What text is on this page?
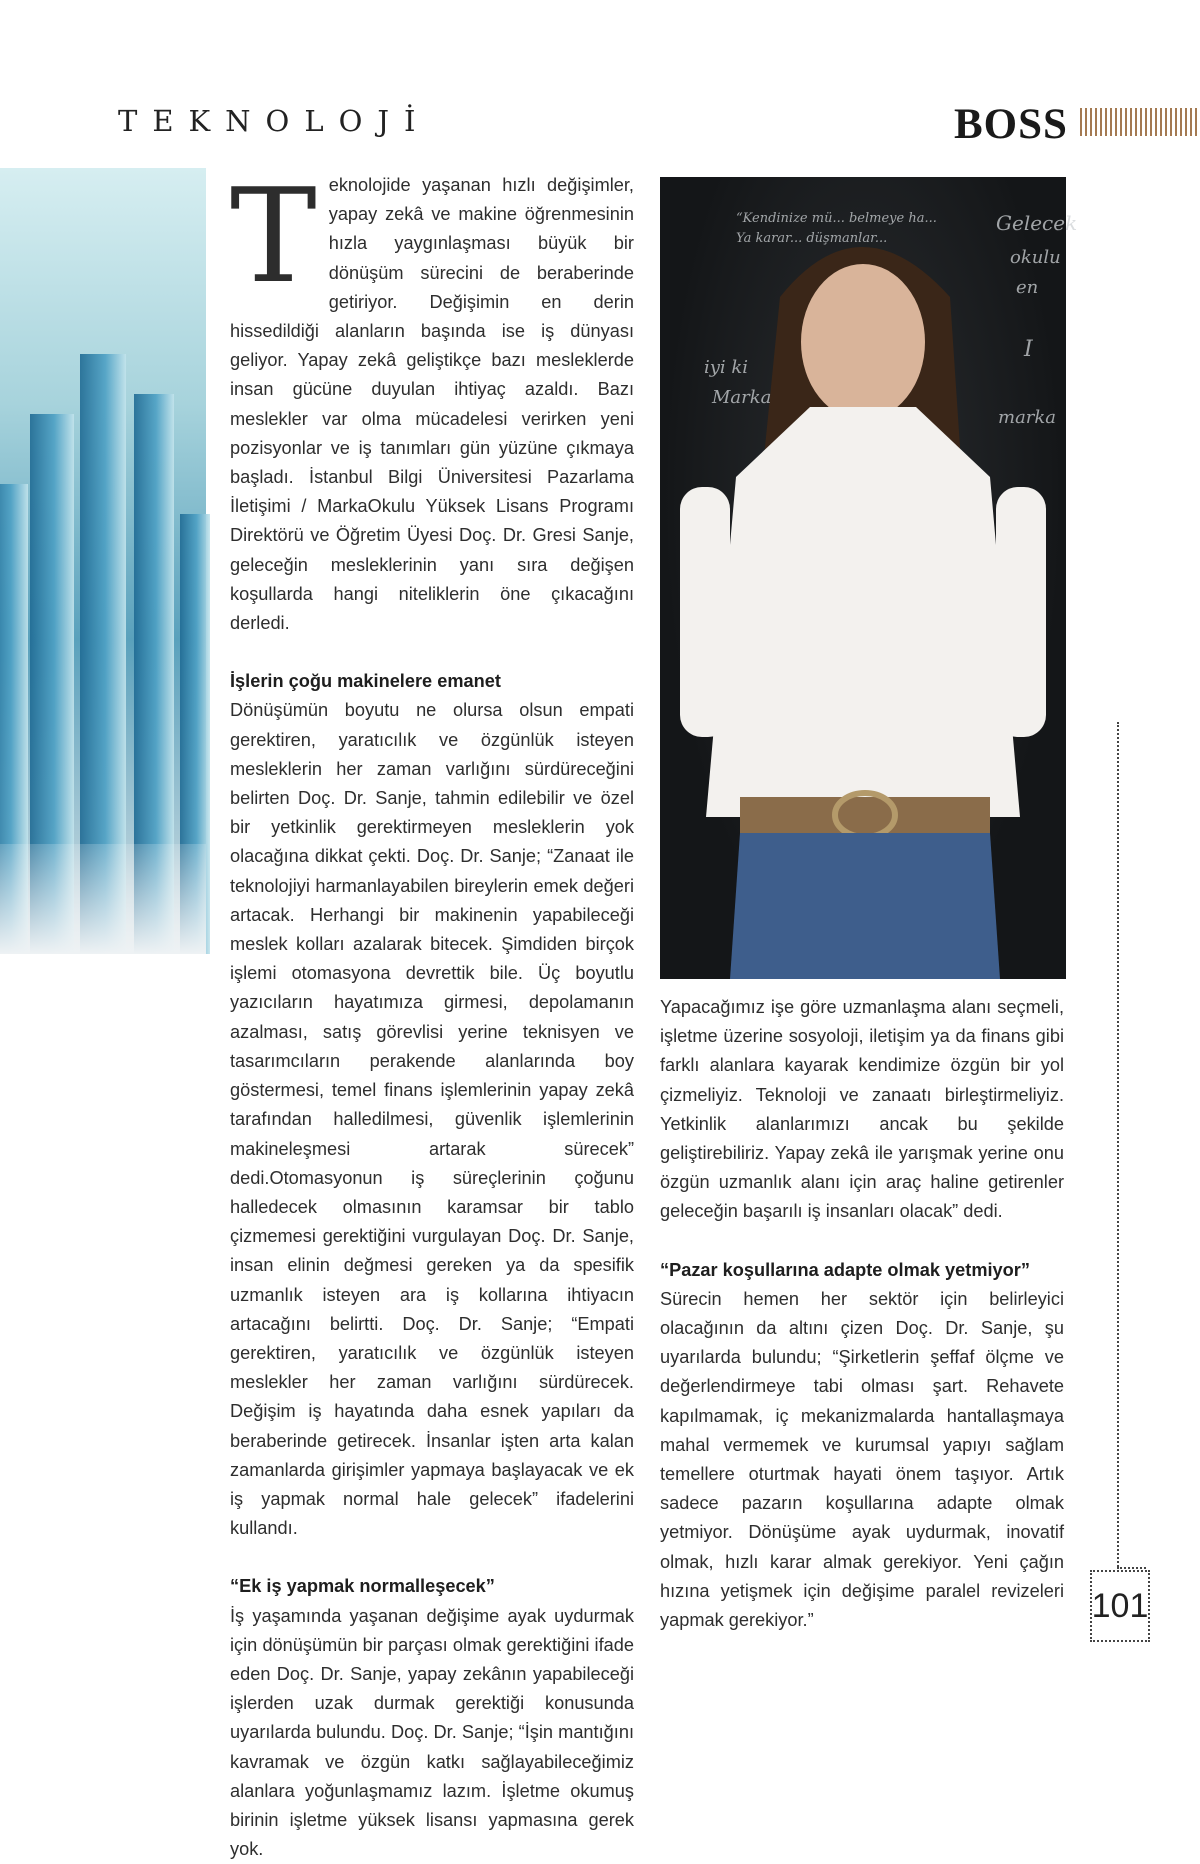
TEKNOLOJİ	BOSS
T eknolojide yaşanan hızlı değişimler, yapay zekâ ve makine öğrenmesinin hızla yaygınlaşması büyük bir dönüşüm sürecini de beraberinde getiriyor. Değişimin en derin hissedildiği alanların başında ise iş dünyası geliyor. Yapay zekâ geliştikçe bazı mesleklerde insan gücüne duyulan ihtiyaç azaldı. Bazı meslekler var olma mücadelesi verirken yeni pozisyonlar ve iş tanımları gün yüzüne çıkmaya başladı. İstanbul Bilgi Üniversitesi Pazarlama İletişimi / MarkaOkulu Yüksek Lisans Programı Direktörü ve Öğretim Üyesi Doç. Dr. Gresi Sanje, geleceğin mesleklerinin yanı sıra değişen koşullarda hangi niteliklerin öne çıkacağını derledi.

İşlerin çoğu makinelere emanet

Dönüşümün boyutu ne olursa olsun empati gerektiren, yaratıcılık ve özgünlük isteyen mesleklerin her zaman varlığını sürdüreceğini belirten Doç. Dr. Sanje, tahmin edilebilir ve özel bir yetkinlik gerektirmeyen mesleklerin yok olacağına dikkat çekti. Doç. Dr. Sanje; “Zanaat ile teknolojiyi harmanlayabilen bireylerin emek değeri artacak. Herhangi bir makinenin yapabileceği meslek kolları azalarak bitecek. Şimdiden birçok işlemi otomasyona devrettik bile. Üç boyutlu yazıcıların hayatımıza girmesi, depolamanın azalması, satış görevlisi yerine teknisyen ve tasarımcıların perakende alanlarında boy göstermesi, temel finans işlemlerinin yapay zekâ tarafından halledilmesi, güvenlik işlemlerinin makineleşmesi artarak sürecek” dedi.Otomasyonun iş süreçlerinin çoğunu halledecek olmasının karamsar bir tablo çizmemesi gerektiğini vurgulayan Doç. Dr. Sanje, insan elinin değmesi gereken ya da spesifik uzmanlık isteyen ara iş kollarına ihtiyacın artacağını belirtti. Doç. Dr. Sanje; “Empati gerektiren, yaratıcılık ve özgünlük isteyen meslekler her zaman varlığını sürdürecek. Değişim iş hayatında daha esnek yapıları da beraberinde getirecek. İnsanlar işten arta kalan zamanlarda girişimler yapmaya başlayacak ve ek iş yapmak normal hale gelecek” ifadelerini kullandı.

“Ek iş yapmak normalleşecek”

İş yaşamında yaşanan değişime ayak uydurmak için dönüşümün bir parçası olmak gerektiğini ifade eden Doç. Dr. Sanje, yapay zekânın yapabileceği işlerden uzak durmak gerektiği konusunda uyarılarda bulundu. Doç. Dr. Sanje; “İşin mantığını kavramak ve özgün katkı sağlayabileceğimiz alanlara yoğunlaşmamız lazım. İşletme okumuş birinin işletme yüksek lisansı yapmasına gerek yok.

“Kendinize mü... belmeye ha... Ya karar... düşmanlar...
Gelecek
okulu
en
iyi ki
Marka
I
marka

Yapacağımız işe göre uzmanlaşma alanı seçmeli, işletme üzerine sosyoloji, iletişim ya da finans gibi farklı alanlara kayarak kendimize özgün bir yol çizmeliyiz. Teknoloji ve zanaatı birleştirmeliyiz. Yetkinlik alanlarımızı ancak bu şekilde geliştirebiliriz. Yapay zekâ ile yarışmak yerine onu özgün uzmanlık alanı için araç haline getirenler geleceğin başarılı iş insanları olacak” dedi.

“Pazar koşullarına adapte olmak yetmiyor”

Sürecin hemen her sektör için belirleyici olacağının da altını çizen Doç. Dr. Sanje, şu uyarılarda bulundu; “Şirketlerin şeffaf ölçme ve değerlendirmeye tabi olması şart. Rehavete kapılmamak, iç mekanizmalarda hantallaşmaya mahal vermemek ve kurumsal yapıyı sağlam temellere oturtmak hayati önem taşıyor. Artık sadece pazarın koşullarına adapte olmak yetmiyor. Dönüşüme ayak uydurmak, inovatif olmak, hızlı karar almak gerekiyor. Yeni çağın hızına yetişmek için değişime paralel revizeleri yapmak gerekiyor.”	101
